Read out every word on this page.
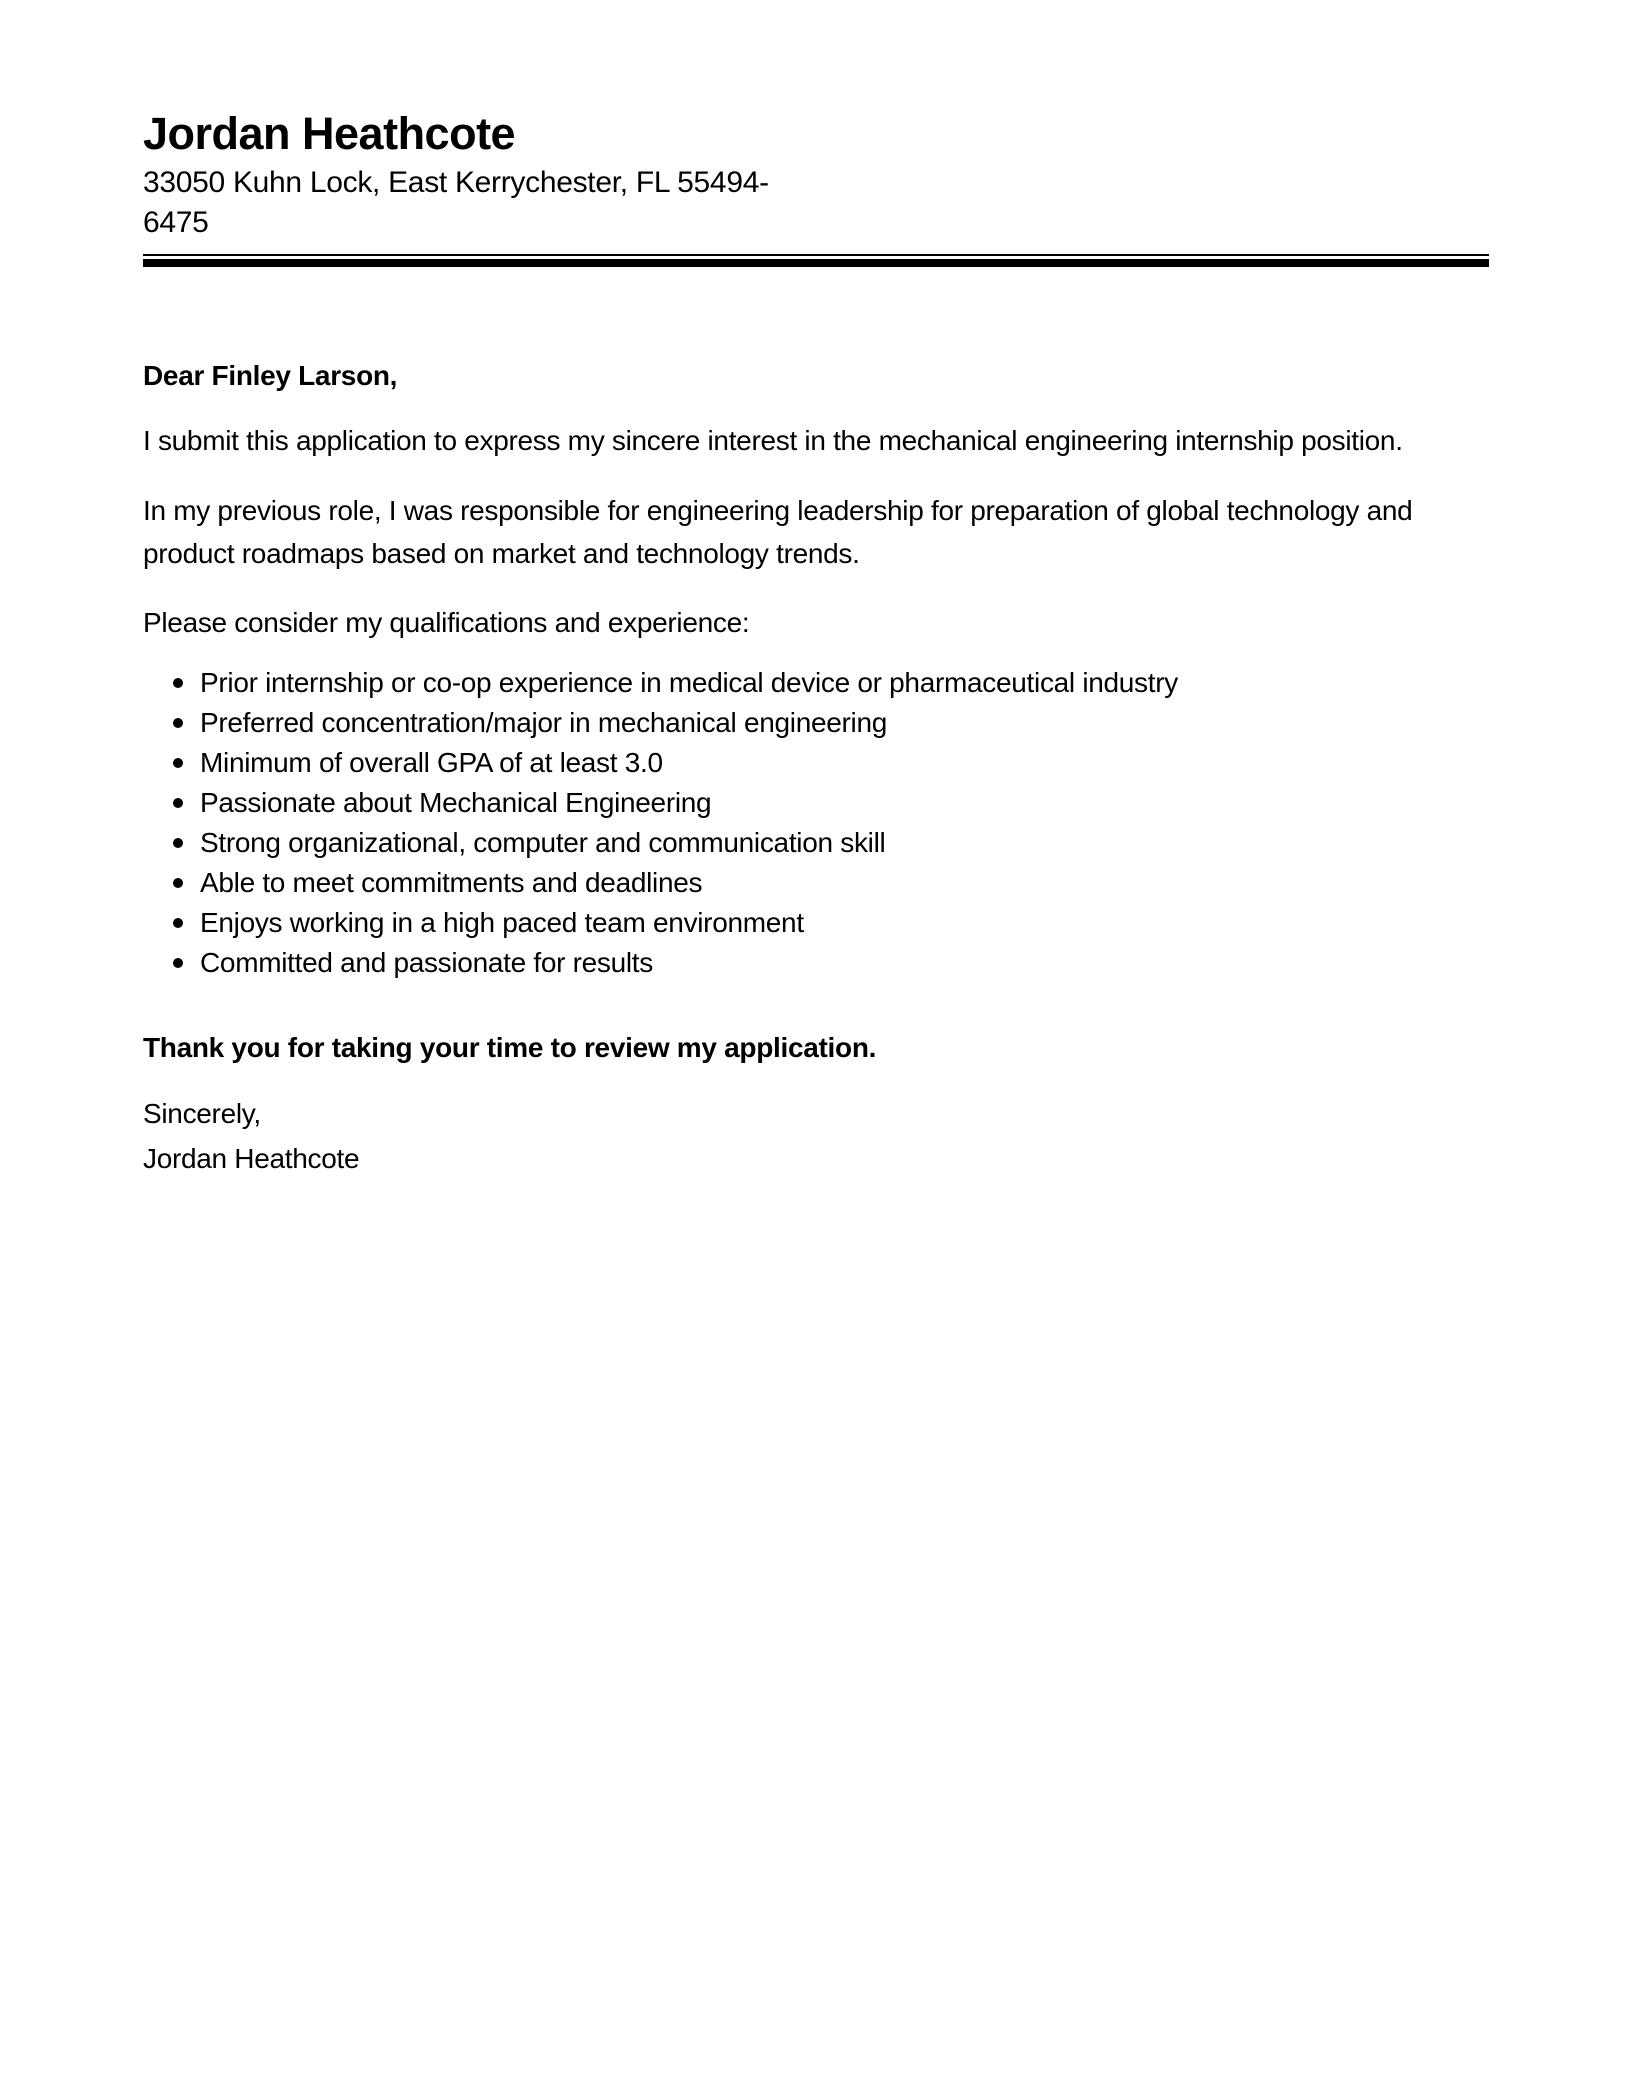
Jordan Heathcote
33050 Kuhn Lock, East Kerrychester, FL 55494-
6475
Dear Finley Larson,
I submit this application to express my sincere interest in the mechanical engineering internship position.
In my previous role, I was responsible for engineering leadership for preparation of global technology and
product roadmaps based on market and technology trends.
Please consider my qualifications and experience:
Prior internship or co-op experience in medical device or pharmaceutical industry
Preferred concentration/major in mechanical engineering
Minimum of overall GPA of at least 3.0
Passionate about Mechanical Engineering
Strong organizational, computer and communication skill
Able to meet commitments and deadlines
Enjoys working in a high paced team environment
Committed and passionate for results
Thank you for taking your time to review my application.
Sincerely,
Jordan Heathcote
